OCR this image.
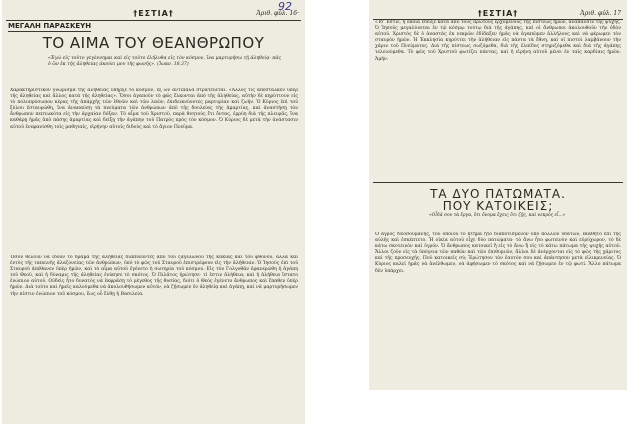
92
†ΕΣΤΙΑ†	Ἀριθ. φύλ. 16·
ΜΕΓΑΛΗ ΠΑΡΑΣΚΕΥΗ
ΤΟ ΑΙΜΑ ΤΟΥ ΘΕΑΝΘΡΩΠΟΥ
«Ἐγὼ εἰς τοῦτο γεγέννημαι καὶ εἰς τοῦτο ἐλήλυθα εἰς τὸν κόσμον, ἵνα μαρτυρήσω τῇ ἀληθείᾳ· πᾶς ὁ ὢν ἐκ τῆς ἀληθείας ἀκούει μου τῆς φωνῆς». (Ἰωαν. 18,37)
Χαρακτηριστικὸν γνώρισμα τῆς ἀληθείας ὑπῆρξε τὸ κόσμον, ἐξ ὧν ἀντίπαλα στρατεύεται. «Ἄλλος τις ἀπέσταλκεν ὑπὲρ τῆς ἀληθείας καὶ ἄλλος κατὰ τῆς ἀληθείας». Ὅσοι ἀγαποῦν τὸ φῶς ἔλκονται ἀπὸ τῆς ἀληθείας, αὐτὴν δὲ κηρύττουν εἰς τὸ πολυπρόσωπον κέρας τῆς ἀπάρχῆς τῶν ἐθνῶν καὶ τῶν λαῶν, ἐπιδεικνύοντες μαρτυρίαν καὶ ζωήν. Ὁ Κύριος ἐπὶ τοῦ ξύλου ἐσταυρώθη, ἵνα ἀναπαύσῃ τὰ πνεύματα τῶν ἀνθρώπων ἀπὸ τῆς δουλείας τῆς ἁμαρτίας, καὶ ἀναστήσῃ τὸν ἄνθρωπον πεπτωκότα εἰς τὴν ἀρχαίαν δόξαν. Τὸ αἷμα τοῦ Χριστοῦ, παρὰ θνητούς ἔτι ὄντας, ἐρρύη διὰ τῆς πλευρᾶς, ἵνα καθάρῃ ἡμᾶς ἀπὸ πάσης ἁμαρτίας καὶ δείξῃ τὴν ἀγάπην τοῦ Πατρὸς πρὸς τὸν κόσμον. Ὁ Κύριος δὲ μετὰ τὴν ἀνάστασιν αὐτοῦ ἐνεφανίσθη τοῖς μαθηταῖς, εἰρήνην αὐτοῖς διδούς καὶ τὸ ἅγιον Πνεῦμα.
Ὅσον θέλουν νὰ ἴδουν τὸ δρᾶμα τῆς ἀληθείας διαπνέοντες ἀπὸ τοῦ ζαγελώνου τῆς κακίας καὶ τοῦ φθόνου, ἀλλὰ καὶ ἐντὸς τῆς ταπεινῆς ἀλαζονείας τῶν ἀνθρώπων, ὑπὸ τὸ φῶς τοῦ Σταυροῦ ἐπιστρέφουν εἰς τὴν ἀλήθειαν. Ὁ Ἰησοῦς ἐπὶ τοῦ Σταυροῦ ἀπέθανεν ὑπὲρ ἡμῶν, καὶ τὸ αἷμα αὐτοῦ ἐγένετο ἡ σωτηρία τοῦ κόσμου. Εἰς τὸν Γολγοθᾶν ἐφανερώθη ἡ ἀγάπη τοῦ Θεοῦ, καὶ ἡ δύναμις τῆς ἀληθείας ἐνίκησε τὸ σκότος. Ὁ Πιλᾶτος ἠρώτησε· τί ἐστιν ἀλήθεια; καὶ ἡ ἀλήθεια ἵστατο ἐνώπιον αὐτοῦ. Οὐδεὶς ἦτο δυνατὸς νὰ ἐκφράσῃ τὸ μέγεθος τῆς θυσίας, διότι ὁ Θεὸς ἐγένετο ἄνθρωπος καὶ ἔπαθεν ὑπὲρ ἡμῶν. Διὰ τοῦτο καὶ ἡμεῖς καλούμεθα νὰ ἀκολουθήσωμεν αὐτόν, νὰ ζήσωμεν ἐν ἀληθείᾳ καὶ ἀγάπῃ, καὶ νὰ μαρτυρήσωμεν τὴν πίστιν ἐνώπιον τοῦ κόσμου, ἕως οὗ ἔλθῃ ἡ Βασιλεία.
†ΕΣΤΙΑ†	Ἀριθ. φύλ. 17
«Ἰδ' Ἐστίε, ἡ ὁποία ἔδειξε κατὰ ἀπὸ τοὺς πρώτους ἐρχομένους τῆς πίστεως ἡμῶν, ἀνάπαυσιν τῆς ψυχῆς. Ὁ Ἰησοῦς μεγαλύνεται ἐν τῷ κόσμῳ τούτῳ διὰ τῆς ἀγάπης, καὶ οἱ ἄνθρωποι ἀκολουθοῦν τὴν ὁδὸν αὐτοῦ. Χριστὸς δὲ ὁ ἀναστὰς ἐκ νεκρῶν ἐδίδαξεν ἡμᾶς νὰ ἀγαπῶμεν ἀλλήλους καὶ νὰ φέρωμεν τὸν σταυρὸν ἡμῶν. Ἡ Ἐκκλησία κηρύττει τὴν ἀλήθειαν εἰς πάντα τὰ ἔθνη, καὶ οἱ πιστοὶ λαμβάνουν τὴν χάριν τοῦ Πνεύματος. Διὰ τῆς πίστεως σωζόμεθα, διὰ τῆς ἐλπίδος στηριζόμεθα καὶ διὰ τῆς ἀγάπης τελειούμεθα. Τὸ φῶς τοῦ Χριστοῦ φωτίζει πάντας, καὶ ἡ εἰρήνη αὐτοῦ μένει ἐν ταῖς καρδίαις ἡμῶν. Ἀμήν.
ΤΑ ΔΥΟ ΠΑΤΩΜΑΤΑ.
ΠΟΥ ΚΑΤΟΙΚΕΙΣ;
«Οἶδά σου τὰ ἔργα, ὅτι ὄνομα ἔχεις ὅτι ζῇς, καὶ νεκρὸς εἶ...»
Ὁ ἀγρὸς Νεοσουμάνης, τοῦ ὁποίου τὸ κτῆμα ἦτο διαποτισμένον ὑπὸ πολλῶν ὑδάτων, ἐκάθητο ἐπὶ τῆς αὐλῆς καὶ ἐσκέπτετο. Ἡ οἰκία αὐτοῦ εἶχε δύο πατώματα· τὸ ἄνω ἦτο φωτεινὸν καὶ εὐρύχωρον, τὸ δὲ κάτω σκοτεινὸν καὶ ὑγρόν. Ὁ ἄνθρωπος κατοικεῖ ἢ εἰς τὸ ἄνω ἢ εἰς τὸ κάτω πάτωμα τῆς ψυχῆς αὐτοῦ. Ἄλλοι ζοῦν εἰς τὰ ὑπόγεια τῶν παθῶν καὶ τῶν ἐπιθυμιῶν, ἄλλοι δὲ ἀνέρχονται εἰς τὸ φῶς τῆς χάριτος καὶ τῆς προσευχῆς. Ποῦ κατοικεῖς σύ; Ἐρώτησον τὸν ἑαυτόν σου καὶ ἀπάντησον μετὰ εἰλικρινείας. Ὁ Κύριος καλεῖ ἡμᾶς νὰ ἀνέλθωμεν, νὰ ἀφήσωμεν τὸ σκότος καὶ νὰ ζήσωμεν ἐν τῷ φωτί. Ἄλλο πάτωμα δὲν ὑπάρχει.
